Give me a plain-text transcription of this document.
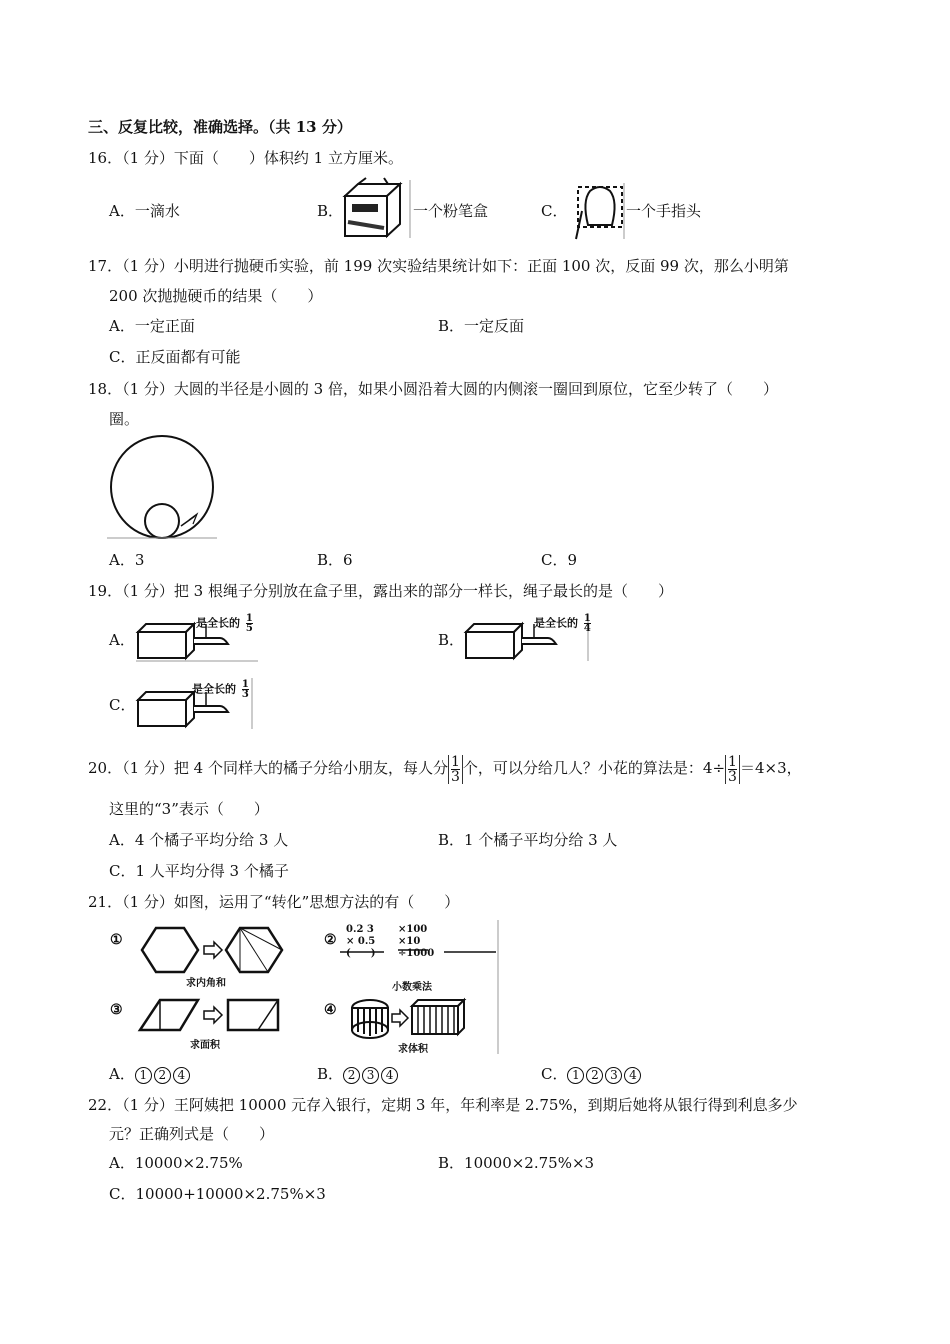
三、反复比较，准确选择。（共 13 分）
16．（1 分）下面（　　）体积约 1 立方厘米。
A．一滴水	B．	一个粉笔盒	C．	一个手指头
17．（1 分）小明进行抛硬币实验，前 199 次实验结果统计如下：正面 100 次，反面 99 次，那么小明第
200 次抛抛硬币的结果（　　）
A．一定正面	B．一定反面
C．正反面都有可能
18．（1 分）大圆的半径是小圆的 3 倍，如果小圆沿着大圆的内侧滚一圈回到原位，它至少转了（　　）
圈。
A．3	B．6	C．9
19．（1 分）把 3 根绳子分别放在盒子里，露出来的部分一样长，绳子最长的是（　　）
A．
是全长的 $\frac{1}{5}$
B．
是全长的 $\frac{1}{4}$
C．
是全长的 $\frac{1}{3}$
20．（1 分）把 4 个同样大的橘子分给小朋友，每人分 $\frac{1}{3}$ 个，可以分给几人？小花的算法是：$4\div \frac{1}{3} =4\times 3$，
这里的“3”表示（　　）
A．4 个橘子平均分给 3 人	B．1 个橘子平均分给 3 人
C．1 人平均分得 3 个橘子
21．（1 分）如图，运用了“转化”思想方法的有（　　）
①	②
③	④
求内角和	小数乘法
求面积	求体积
0.2 3
× 0.5
(　　)
×100
×10
÷1000
A． 1 2 4	B． 2 3 4	C． 1 2 3 4
22．（1 分）王阿姨把 10000 元存入银行，定期 3 年，年利率是 2.75%，到期后她将从银行得到利息多少
元？正确列式是（　　）
A．10000×2.75%	B．10000×2.75%×3
C．10000+10000×2.75%×3
